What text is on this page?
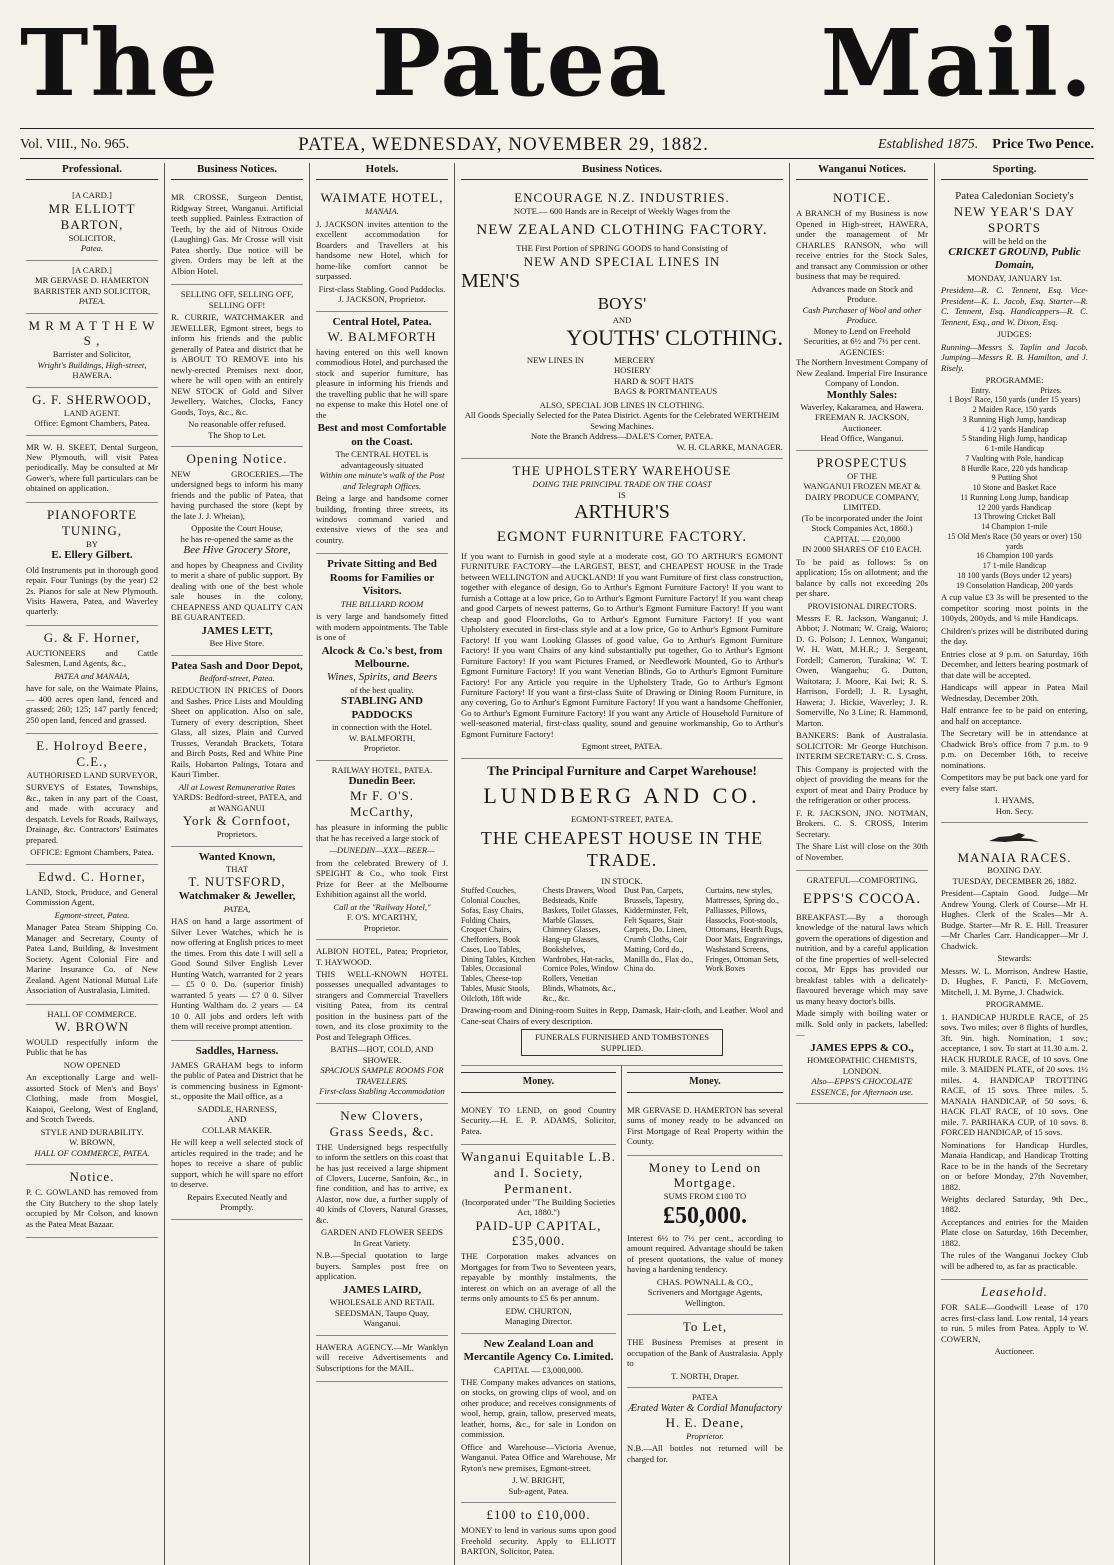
The Patea Mail.
Vol. VIII., No. 965.	PATEA, WEDNESDAY, NOVEMBER 29, 1882.	Established 1875. Price Two Pence.
Professional.
[A CARD.]
MR ELLIOTT BARTON,
SOLICITOR,
Patea.
[A CARD.]
MR GERVASE D. HAMERTON
BARRISTER AND SOLICITOR,
PATEA.
M R M A T T H E W S ,
Barrister and Solicitor,
Wright's Buildings, High-street,
HAWERA.
G. F. SHERWOOD,
LAND AGENT.
Office: Egmont Chambers, Patea.

MR W. H. SKEET, Dental Surgeon, New Plymouth, will visit Patea periodically. May be consulted at Mr Gower's, where full particulars can be obtained on application.

PIANOFORTE TUNING,
BY
E. Ellery Gilbert.

Old Instruments put in thorough good repair. Four Tunings (by the year) £2 2s. Pianos for sale at New Plymouth. Visits Hawera, Patea, and Waverley quarterly.

G. & F. Horner,

AUCTIONEERS and Cattle Salesmen, Land Agents, &c.,

PATEA and MANAIA,

have for sale, on the Waimate Plains,— 400 acres open land, fenced and grassed; 260; 125; 147 partly fenced; 250 open land, fenced and grassed.

E. Holroyd Beere, C.E.,
AUTHORISED LAND SURVEYOR,

SURVEYS of Estates, Townships, &c., taken in any part of the Coast, and made with accuracy and despatch. Levels for Roads, Railways, Drainage, &c. Contractors' Estimates prepared.

OFFICE: Egmont Chambers, Patea.
Edwd. C. Horner,

LAND, Stock, Produce, and General Commission Agent,

Egmont-street, Patea.

Manager Patea Steam Shipping Co. Manager and Secretary, County of Patea Land, Building, & Investment Society. Agent Colonial Fire and Marine Insurance Co. of New Zealand. Agent National Mutual Life Association of Australasia, Limited.

HALL OF COMMERCE.
W. BROWN

WOULD respectfully inform the Public that he has

NOW OPENED

An exceptionally Large and well-assorted Stock of Men's and Boys' Clothing, made from Mosgiel, Kaiapoi, Geelong, West of England, and Scotch Tweeds.

STYLE AND DURABILITY.
W. BROWN,
HALL OF COMMERCE, PATEA.
Notice.

P. C. GOWLAND has removed from the City Butchery to the shop lately occupied by Mr Colson, and known as the Patea Meat Bazaar.

Business Notices.

MR CROSSE, Surgeon Dentist, Ridgway Street, Wanganui. Artificial teeth supplied. Painless Extraction of Teeth, by the aid of Nitrous Oxide (Laughing) Gas. Mr Crosse will visit Patea shortly. Due notice will be given. Orders may be left at the Albion Hotel.

SELLING OFF, SELLING OFF, SELLING OFF!

R. CURRIE, WATCHMAKER and JEWELLER, Egmont street, begs to inform his friends and the public generally of Patea and district that he is ABOUT TO REMOVE into his newly-erected Premises next door, where he will open with an entirely NEW STOCK of Gold and Silver Jewellery, Watches, Clocks, Fancy Goods, Toys, &c., &c.

No reasonable offer refused.
The Shop to Let.
Opening Notice.

NEW GROCERIES.—The undersigned begs to inform his many friends and the public of Patea, that having purchased the store (kept by the late J. J. Wheian),

Opposite the Court House,
he has re-opened the same as the
Bee Hive Grocery Store,

and hopes by Cheapness and Civility to merit a share of public support. By dealing with one of the best whole sale houses in the colony, CHEAPNESS AND QUALITY CAN BE GUARANTEED.

JAMES LETT,
Bee Hive Store.
Patea Sash and Door Depot,
Bedford-street, Patea.

REDUCTION IN PRICES of Doors and Sashes. Price Lists and Moulding Sheet on application. Also on sale, Turnery of every description, Sheet Glass, all sizes, Plain and Curved Trusses, Verandah Brackets, Totara and Birch Posts, Red and White Pine Rails, Hobarton Palings, Totara and Kauri Timber.

All at Lowest Remunerative Rates
YARDS: Bedford-street, PATEA, and at WANGANUI
York & Cornfoot,
Proprietors.
Wanted Known,
THAT
T. NUTSFORD,
Watchmaker & Jeweller,
PATEA,

HAS on hand a large assortment of Silver Lever Watches, which he is now offering at English prices to meet the times. From this date I will sell a Good Sound Silver English Lever Hunting Watch, warranted for 2 years — £5 0 0. Do. (superior finish) warranted 5 years — £7 0 0. Silver Hunting Waltham do. 2 years — £4 10 0. All jobs and orders left with them will receive prompt attention.

Saddles, Harness.

JAMES GRAHAM begs to inform the public of Patea and District that he is commencing business in Egmont-st., opposite the Mail office, as a

SADDLE, HARNESS,
AND
COLLAR MAKER.

He will keep a well selected stock of articles required in the trade; and he hopes to receive a share of public support, which he will spare no effort to deserve.

Repairs Executed Neatly and Promptly.
Hotels.
WAIMATE HOTEL,
MANAIA.

J. JACKSON invites attention to the excellent accommodation for Boarders and Travellers at his handsome new Hotel, which for home-like comfort cannot be surpassed.

First-class Stabling. Good Paddocks.
J. JACKSON, Proprietor.
Central Hotel, Patea.
W. BALMFORTH

having entered on this well known commodious Hotel, and purchased the stock and superior furniture, has pleasure in informing his friends and the travelling public that he will spare no expense to make this Hotel one of the

Best and most Comfortable on the Coast.
The CENTRAL HOTEL is advantageously situated
Within one minute's walk of the Post and Telegraph Offices.

Being a large and handsome corner building, fronting three streets, its windows command varied and extensive views of the sea and country.

Private Sitting and Bed Rooms for Families or Visitors.
THE BILLIARD ROOM

is very large and handsomely fitted with modern appointments. The Table is one of

Alcock & Co.'s best, from Melbourne.
Wines, Spirits, and Beers
of the best quality.
STABLING AND PADDOCKS
in connection with the Hotel.
W. BALMFORTH,
Proprietor.
RAILWAY HOTEL, PATEA.
Dunedin Beer.
Mr F. O'S. McCarthy,

has pleasure in informing the public that he has received a large stock of

—DUNEDIN—XXX—BEER—

from the celebrated Brewery of J. SPEIGHT & Co., who took First Prize for Beer at the Melbourne Exhibition against all the world.

Call at the "Railway Hotel,"
F. O'S. M'CARTHY,
Proprietor.

ALBION HOTEL, Patea; Proprietor, T. HAYWOOD.

THIS WELL-KNOWN HOTEL possesses unequalled advantages to strangers and Commercial Travellers visiting Patea, from its central position in the business part of the town, and its close proximity to the Post and Telegraph Offices.

BATHS—HOT, COLD, AND SHOWER.
SPACIOUS SAMPLE ROOMS FOR TRAVELLERS.
First-class Stabling Accommodation
New Clovers,
Grass Seeds, &c.

THE Undersigned begs respectfully to inform the settlers on this coast that he has just received a large shipment of Clovers, Lucerne, Sanfoin, &c., in fine condition, and has to arrive, ex Alastor, now due, a further supply of 40 kinds of Clovers, Natural Grasses, &c.

GARDEN AND FLOWER SEEDS
In Great Variety.

N.B.—Special quotation to large buyers. Samples post free on application.

JAMES LAIRD,
WHOLESALE AND RETAIL SEEDSMAN, Taupo Quay, Wanganui.

HAWERA AGENCY.—Mr Wanklyn will receive Advertisements and Subscriptions for the MAIL.

Business Notices.
ENCOURAGE N.Z. INDUSTRIES.
NOTE.— 600 Hands are in Receipt of Weekly Wages from the
NEW ZEALAND CLOTHING FACTORY.
THE First Portion of SPRING GOODS to hand Consisting of
NEW AND SPECIAL LINES IN
MEN'S
BOYS'
AND
YOUTHS' CLOTHING.
NEW LINES IN	MERCERY
HOSIERY
HARD & SOFT HATS
BAGS & PORTMANTEAUS
ALSO, SPECIAL JOB LINES IN CLOTHING.
All Goods Specially Selected for the Patea District. Agents for the Celebrated WERTHEIM Sewing Machines.
Note the Branch Address—DALE'S Corner, PATEA.
W. H. CLARKE, MANAGER.
THE UPHOLSTERY WAREHOUSE
DOING THE PRINCIPAL TRADE ON THE COAST
IS
ARTHUR'S
EGMONT FURNITURE FACTORY.

If you want to Furnish in good style at a moderate cost, GO TO ARTHUR'S EGMONT FURNITURE FACTORY—the LARGEST, BEST, and CHEAPEST HOUSE in the Trade between WELLINGTON and AUCKLAND! If you want Furniture of first class construction, together with elegance of design, Go to Arthur's Egmont Furniture Factory! If you want to furnish a Cottage at a low price, Go to Arthur's Egmont Furniture Factory! If you want cheap and good Carpets of newest patterns, Go to Arthur's Egmont Furniture Factory! If you want cheap and good Floorcloths, Go to Arthur's Egmont Furniture Factory! If you want Upholstery executed in first-class style and at a low price, Go to Arthur's Egmont Furniture Factory! If you want Looking Glasses of good value, Go to Arthur's Egmont Furniture Factory! If you want Chairs of any kind substantially put together, Go to Arthur's Egmont Furniture Factory! If you want Pictures Framed, or Needlework Mounted, Go to Arthur's Egmont Furniture Factory! If you want Venetian Blinds, Go to Arthur's Egmont Furniture Factory! For any Article you require in the Upholstery Trade, Go to Arthur's Egmont Furniture Factory! If you want a first-class Suite of Drawing or Dining Room Furniture, in any covering, Go to Arthur's Egmont Furniture Factory! If you want a handsome Cheffonier, Go to Arthur's Egmont Furniture Factory! If you want any Article of Household Furniture of well-seasoned material, first-class quality, sound and genuine workmanship, Go to Arthur's Egmont Furniture Factory!

Egmont street, PATEA.
The Principal Furniture and Carpet Warehouse!
LUNDBERG AND CO.
EGMONT-STREET, PATEA.
THE CHEAPEST HOUSE IN THE TRADE.
IN STOCK.
Stuffed Couches, Colonial Couches, Sofas, Easy Chairs, Folding Chairs, Croquet Chairs, Cheffoniers, Book Cases, Loo Tables, Dining Tables, Kitchen Tables, Occasional Tables, Cheese-top Tables, Music Stools, Oilcloth, 18ft wide
Chests Drawers, Wood Bedsteads, Knife Baskets, Toilet Glasses, Marble Glasses, Chimney Glasses, Hang-up Glasses, Bookshelves, Wardrobes, Hat-racks, Cornice Poles, Window Rollers, Venetian Blinds, Whatnots, &c., &c., &c.
Dust Pan, Carpets, Brussels, Tapestry, Kidderminster, Felt, Felt Squares, Stair Carpets, Do. Linen, Crumb Cloths, Coir Matting, Cord do., Manilla do., Flax do., China do.
Curtains, new styles, Mattresses, Spring do., Palliasses, Pillows, Hassocks, Foot-stools, Ottomans, Hearth Rugs, Door Mats, Engravings, Washstand Screens, Fringes, Ottoman Sets, Work Boxes

Drawing-room and Dining-room Suites in Repp, Damask, Hair-cloth, and Leather. Wool and Cane-seat Chairs of every description.

FUNERALS FURNISHED AND TOMBSTONES SUPPLIED.
Money.

MONEY TO LEND, on good Country Security.—H. E. P. ADAMS, Solicitor, Patea.

Wanganui Equitable L.B. and I. Society, Permanent.
(Incorporated under "The Building Societies Act, 1880.")
PAID-UP CAPITAL, £35,000.

THE Corporation makes advances on Mortgages for from Two to Seventeen years, repayable by monthly instalments, the interest on which on an average of all the terms only amounts to £5 6s per annum.

EDW. CHURTON,
Managing Director.
New Zealand Loan and Mercantile Agency Co. Limited.
CAPITAL — £3,000,000.

THE Company makes advances on stations, on stocks, on growing clips of wool, and on other produce; and receives consignments of wool, hemp, grain, tallow, preserved meats, leather, horns, &c., for sale in London on commission.

Office and Warehouse—Victoria Avenue, Wanganui. Patea Office and Warehouse, Mr Ryton's new premises, Egmont-street.

J. W. BRIGHT,
Sub-agent, Patea.
£100 to £10,000.

MONEY to lend in various sums upon good Freehold security. Apply to ELLIOTT BARTON, Solicitor, Patea.

Money.

MR GERVASE D. HAMERTON has several sums of money ready to be advanced on First Mortgage of Real Property within the County.

Money to Lend on Mortgage.
SUMS FROM £100 TO
£50,000.

Interest 6½ to 7½ per cent., according to amount required. Advantage should be taken of present quotations, the value of money having a hardening tendency.

CHAS. POWNALL & CO.,
Scriveners and Mortgage Agents, Wellington.
To Let,

THE Business Premises at present in occupation of the Bank of Australasia. Apply to

T. NORTH, Draper.
PATEA
Ærated Water & Cordial Manufactory
H. E. Deane,
Proprietor.

N.B.—All bottles not returned will be charged for.

Wanganui Notices.
NOTICE.

A BRANCH of my Business is now Opened in High-street, HAWERA, under the management of Mr CHARLES RANSON, who will receive entries for the Stock Sales, and transact any Commission or other business that may be required.

Advances made on Stock and Produce.
Cash Purchaser of Wool and other Produce.
Money to Lend on Freehold Securities, at 6½ and 7½ per cent.
AGENCIES:
The Northern Investment Company of New Zealand. Imperial Fire Insurance Company of London.
Monthly Sales:
Waverley, Kakaramea, and Hawera.
FREEMAN R. JACKSON,
Auctioneer.
Head Office, Wanganui.
PROSPECTUS
OF THE
WANGANUI FROZEN MEAT & DAIRY PRODUCE COMPANY, LIMITED.
(To be incorporated under the Joint Stock Companies Act, 1860.)
CAPITAL — £20,000
IN 2000 SHARES OF £10 EACH.

To be paid as follows: 5s on application; 15s on allotment; and the balance by calls not exceeding 20s per share.

PROVISIONAL DIRECTORS.

Messrs F. R. Jackson, Wanganui; J. Abbot; J. Notman; W. Craig, Waioro; D. G. Polson; J. Lennox, Wanganui; W. H. Watt, M.H.R.; J. Sergeant, Fordell; Cameron, Turakina; W. T. Owen, Wangaehu; G. Dutton, Waitotara; J. Moore, Kai Iwi; R. S. Harrison, Fordell; J. R. Lysaght, Hawera; J. Hickie, Waverley; J. R. Somerville, No 3 Line; R. Hammond, Marton.

BANKERS: Bank of Australasia. SOLICITOR: Mr George Hutchison. INTERIM SECRETARY: C. S. Cross.

This Company is projected with the object of providing the means for the export of meat and Dairy Produce by the refrigeration or other process.

F. R. JACKSON, JNO. NOTMAN, Brokers. C. S. CROSS, Interim Secretary.

The Share List will close on the 30th of November.

GRATEFUL—COMFORTING.
EPPS'S COCOA.

BREAKFAST.—By a thorough knowledge of the natural laws which govern the operations of digestion and nutrition, and by a careful application of the fine properties of well-selected cocoa, Mr Epps has provided our breakfast tables with a delicately-flavoured beverage which may save us many heavy doctor's bills.

Made simply with boiling water or milk. Sold only in packets, labelled:—

JAMES EPPS & CO.,
HOMŒOPATHIC CHEMISTS, LONDON.
Also—EPPS'S CHOCOLATE ESSENCE, for Afternoon use.
Sporting.
Patea Caledonian Society's
NEW YEAR'S DAY SPORTS
will be held on the
CRICKET GROUND, Public Domain,
MONDAY, JANUARY 1st.

President—R. C. Tennent, Esq. Vice-President—K. L. Jacob, Esq. Starter—R. C. Tennent, Esq. Handicappers—R. C. Tennent, Esq., and W. Dixon, Esq.

JUDGES:

Running—Messrs S. Taplin and Jacob. Jumping—Messrs R. B. Hamilton, and J. Risely.

PROGRAMME:
	Entry.	Prizes.
1 Boys' Race, 150 yards (under 15 years)
2 Maiden Race, 150 yards
3 Running High Jump, handicap
4 1/2 yards Handicap
5 Standing High Jump, handicap
6 1-mile Handicap
7 Vaulting with Pole, handicap
8 Hurdle Race, 220 yds handicap
9 Putting Shot
10 Stone and Basket Race
11 Running Long Jump, handicap
12 200 yards Handicap
13 Throwing Cricket Ball
14 Champion 1-mile
15 Old Men's Race (50 years or over) 150 yards
16 Champion 100 yards
17 1-mile Handicap
18 100 yards (Boys under 12 years)
19 Consolation Handicap, 200 yards

A cup value £3 3s will be presented to the competitor scoring most points in the 100yds, 200yds, and ¼ mile Handicaps.

Children's prizes will be distributed during the day.

Entries close at 9 p.m. on Saturday, 16th December, and letters bearing postmark of that date will be accepted.

Handicaps will appear in Patea Mail Wednesday, December 20th.

Half entrance fee to be paid on entering, and half on acceptance.

The Secretary will be in attendance at Chadwick Bro's office from 7 p.m. to 9 p.m. on December 16th, to receive nominations.

Competitors may be put back one yard for every false start.

I. HYAMS,
Hon. Secy.
MANAIA RACES.
BOXING DAY.
TUESDAY, DECEMBER 26, 1882.

President—Captain Good. Judge—Mr Andrew Young. Clerk of Course—Mr H. Hughes. Clerk of the Scales—Mr A. Budge. Starter—Mr R. E. Hill. Treasurer—Mr Charles Carr. Handicapper—Mr J. Chadwick.

Stewards:

Messrs. W. L. Morrison, Andrew Hastie, D. Hughes, F. Pancti, F. McGovern, Mitchell, J. M. Byrne, J. Chadwick.

PROGRAMME.

1. HANDICAP HURDLE RACE, of 25 sovs. Two miles; over 8 flights of hurdles, 3ft. 9in. high. Nomination, 1 sov.; acceptance, 1 sov. To start at 11.30 a.m. 2. HACK HURDLE RACE, of 10 sovs. One mile. 3. MAIDEN PLATE, of 20 sovs. 1½ miles. 4. HANDICAP TROTTING RACE, of 15 sovs. Three miles. 5. MANAIA HANDICAP, of 50 sovs. 6. HACK FLAT RACE, of 10 sovs. One mile. 7. PARIHAKA CUP, of 10 sovs. 8. FORCED HANDICAP, of 15 sovs.

Nominations for Handicap Hurdles, Manaia Handicap, and Handicap Trotting Race to be in the hands of the Secretary on or before Monday, 27th November, 1882.

Weights declared Saturday, 9th Dec., 1882.

Acceptances and entries for the Maiden Plate close on Saturday, 16th December, 1882.

The rules of the Wanganui Jockey Club will be adhered to, as far as practicable.

Leasehold.

FOR SALE—Goodwill Lease of 170 acres first-class land. Low rental, 14 years to run. 5 miles from Patea. Apply to W. COWERN,

Auctioneer.
